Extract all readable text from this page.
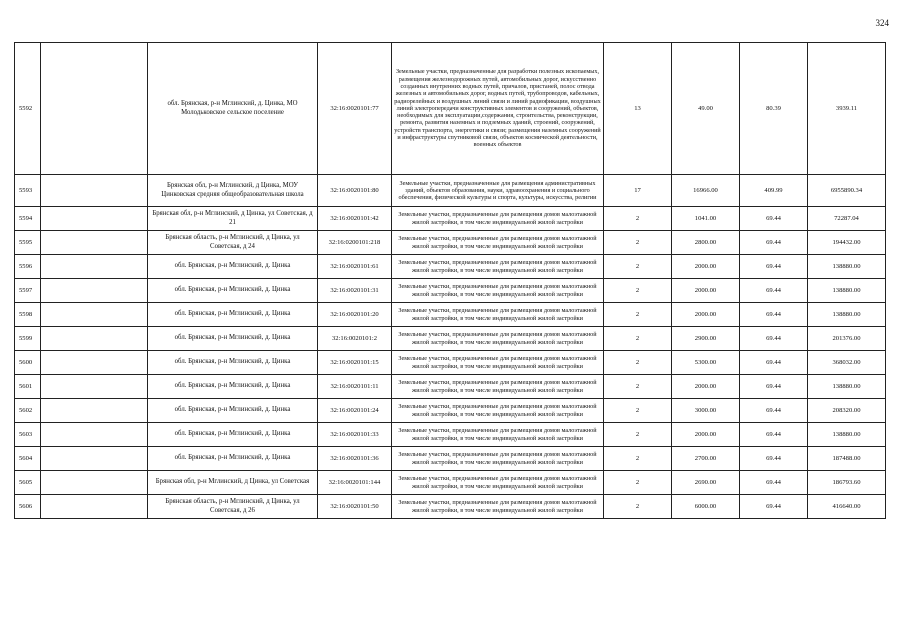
324
5592		обл. Брянская, р-н Мглинский, д. Цинка, МО Молодьковское сельское поселение	32:16:0020101:77	Земельные участки, предназначенные для разработки полезных ископаемых, размещения железнодорожных путей, автомобильных дорог, искусственно созданных внутренних водных путей, причалов, пристаней, полос отвода железных и автомобильных дорог, водных путей, трубопроводов, кабельных, радиорелейных и воздушных линий связи и линий радиофикации, воздушных линий электропередачи конструктивных элементов и сооружений, объектов, необходимых для эксплуатации,содержания, строительства, реконструкции, ремонта, развития наземных и подземных зданий, строений, сооружений, устройств транспорта, энергетики и связи; размещения наземных сооружений и инфраструктуры спутниковой связи, объектов космической деятельности, военных объектов	13	49.00	80.39	3939.11
5593		Брянская обл, р-н Мглинский, д Цинка, МОУ Цинковская средняя общеобразовательная школа	32:16:0020101:80	Земельные участки, предназначенные для размещения административных зданий, объектов образования, науки, здравоохранения и социального обеспечения, физической культуры и спорта, культуры, искусства, религии	17	16966.00	409.99	6955890.34
5594		Брянская обл, р-н Мглинский, д Цинка, ул Советская, д 21	32:16:0020101:42	Земельные участки, предназначенные для размещения домов малоэтажной жилой застройки, в том числе индивидуальной жилой застройки	2	1041.00	69.44	72287.04
5595		Брянская область, р-н Мглинский, д Цинка, ул Советская, д 24	32:16:0200101:218	Земельные участки, предназначенные для размещения домов малоэтажной жилой застройки, в том числе индивидуальной жилой застройки	2	2800.00	69.44	194432.00
5596		обл. Брянская, р-н Мглинский, д. Цинка	32:16:0020101:61	Земельные участки, предназначенные для размещения домов малоэтажной жилой застройки, в том числе индивидуальной жилой застройки	2	2000.00	69.44	138880.00
5597		обл. Брянская, р-н Мглинский, д. Цинка	32:16:0020101:31	Земельные участки, предназначенные для размещения домов малоэтажной жилой застройки, в том числе индивидуальной жилой застройки	2	2000.00	69.44	138880.00
5598		обл. Брянская, р-н Мглинский, д. Цинка	32:16:0020101:20	Земельные участки, предназначенные для размещения домов малоэтажной жилой застройки, в том числе индивидуальной жилой застройки	2	2000.00	69.44	138880.00
5599		обл. Брянская, р-н Мглинский, д. Цинка	32:16:0020101:2	Земельные участки, предназначенные для размещения домов малоэтажной жилой застройки, в том числе индивидуальной жилой застройки	2	2900.00	69.44	201376.00
5600		обл. Брянская, р-н Мглинский, д. Цинка	32:16:0020101:15	Земельные участки, предназначенные для размещения домов малоэтажной жилой застройки, в том числе индивидуальной жилой застройки	2	5300.00	69.44	368032.00
5601		обл. Брянская, р-н Мглинский, д. Цинка	32:16:0020101:11	Земельные участки, предназначенные для размещения домов малоэтажной жилой застройки, в том числе индивидуальной жилой застройки	2	2000.00	69.44	138880.00
5602		обл. Брянская, р-н Мглинский, д. Цинка	32:16:0020101:24	Земельные участки, предназначенные для размещения домов малоэтажной жилой застройки, в том числе индивидуальной жилой застройки	2	3000.00	69.44	208320.00
5603		обл. Брянская, р-н Мглинский, д. Цинка	32:16:0020101:33	Земельные участки, предназначенные для размещения домов малоэтажной жилой застройки, в том числе индивидуальной жилой застройки	2	2000.00	69.44	138880.00
5604		обл. Брянская, р-н Мглинский, д. Цинка	32:16:0020101:36	Земельные участки, предназначенные для размещения домов малоэтажной жилой застройки, в том числе индивидуальной жилой застройки	2	2700.00	69.44	187488.00
5605		Брянская обл, р-н Мглинский, д Цинка, ул Советская	32:16:0020101:144	Земельные участки, предназначенные для размещения домов малоэтажной жилой застройки, в том числе индивидуальной жилой застройки	2	2690.00	69.44	186793.60
5606		Брянская область, р-н Мглинский, д Цинка, ул Советская, д 26	32:16:0020101:50	Земельные участки, предназначенные для размещения домов малоэтажной жилой застройки, в том числе индивидуальной жилой застройки	2	6000.00	69.44	416640.00
